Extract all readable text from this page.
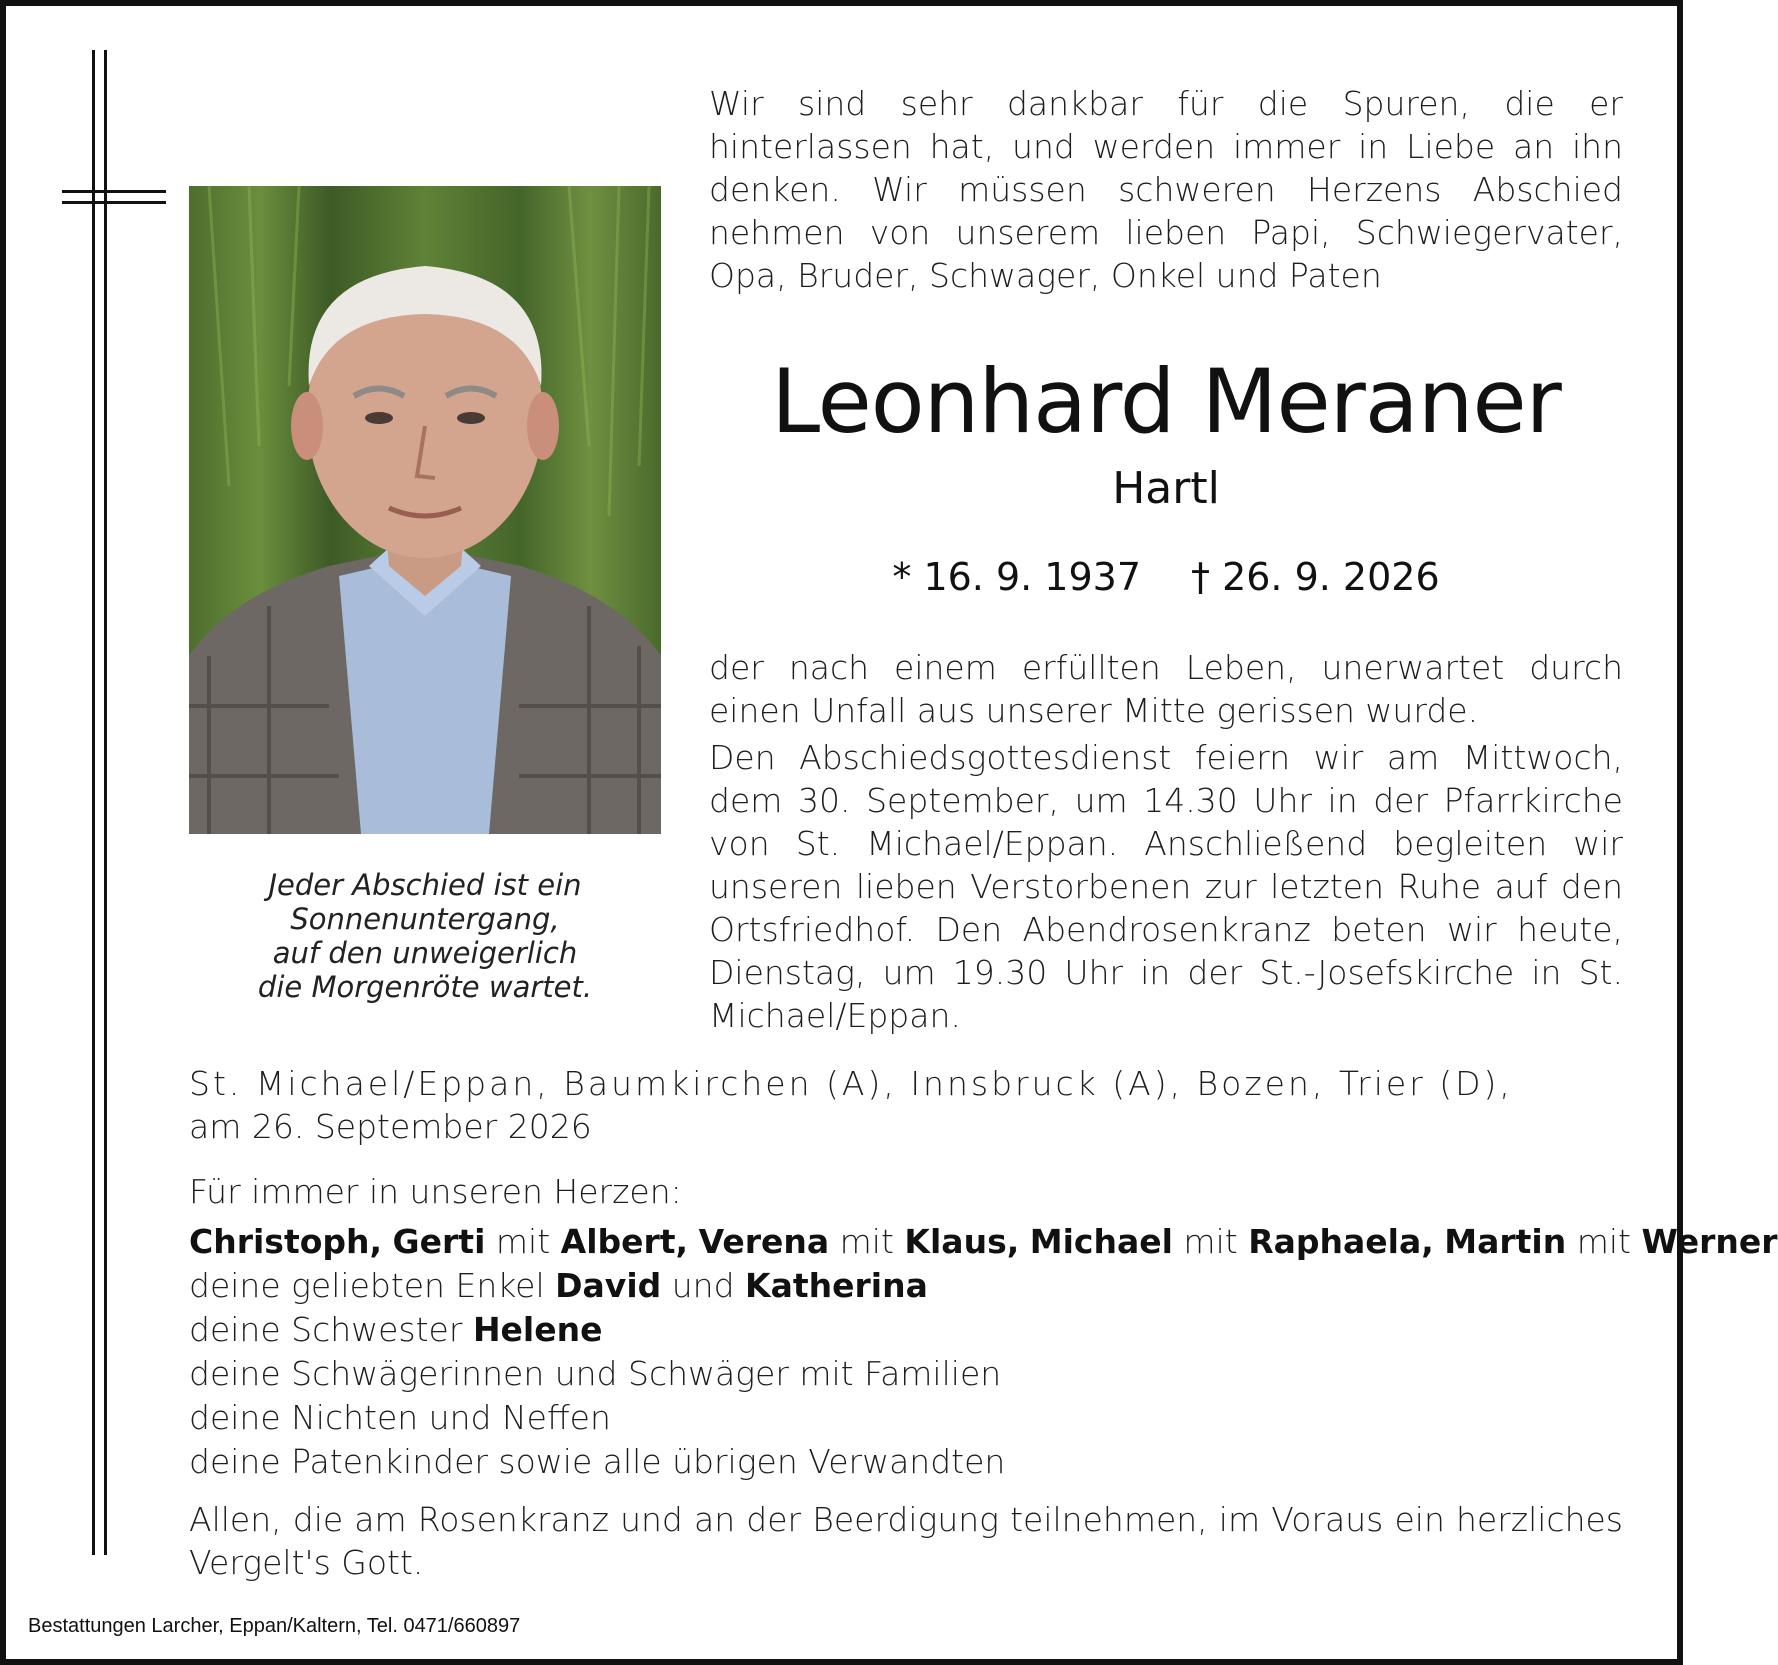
Jeder Abschied ist ein
Sonnenuntergang,
auf den unweigerlich
die Morgenröte wartet.
Wir sind sehr dankbar für die Spuren, die er hinterlassen hat, und werden immer in Liebe an ihn denken. Wir müssen schweren Herzens Abschied nehmen von unserem lieben Papi, Schwiegervater, Opa, Bruder, Schwager, Onkel und Paten
Leonhard Meraner
Hartl
* 16. 9. 1937 † 26. 9. 2026

der nach einem erfüllten Leben, unerwartet durch einen Unfall aus unserer Mitte gerissen wurde.

Den Abschiedsgottesdienst feiern wir am Mittwoch, dem 30. September, um 14.30 Uhr in der Pfarrkirche von St. Michael/Eppan. Anschließend begleiten wir unseren lieben Verstorbenen zur letzten Ruhe auf den Ortsfriedhof. Den Abendrosenkranz beten wir heute, Dienstag, um 19.30 Uhr in der St.-Josefskirche in St. Michael/Eppan.

St. Michael/Eppan, Baumkirchen (A), Innsbruck (A), Bozen, Trier (D),
am 26. September 2026
Für immer in unseren Herzen:
Christoph, Gerti mit Albert, Verena mit Klaus, Michael mit Raphaela, Martin mit Werner
deine geliebten Enkel David und Katherina
deine Schwester Helene
deine Schwägerinnen und Schwäger mit Familien
deine Nichten und Neffen
deine Patenkinder sowie alle übrigen Verwandten
Allen, die am Rosenkranz und an der Beerdigung teilnehmen, im Voraus ein herzliches Vergelt's Gott.
Bestattungen Larcher, Eppan/Kaltern, Tel. 0471/660897
